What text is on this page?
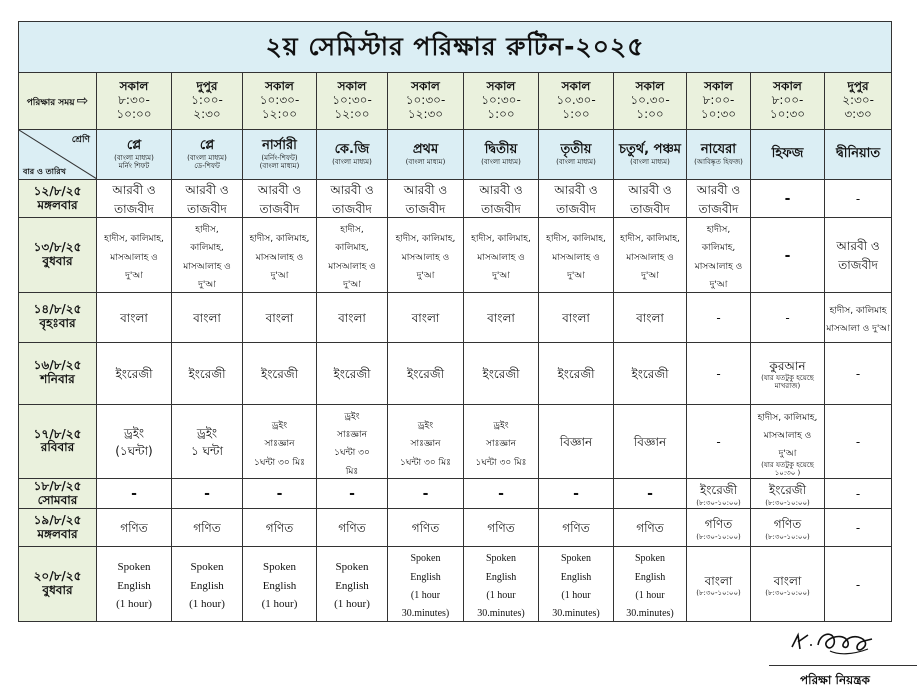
২য় সেমিস্টার পরিক্ষার রুটিন-২০২৫											
পরিক্ষার সময় ⇨	সকাল
৮:৩০-
১০:০০	দুপুর
১:০০-
২:৩০	সকাল
১০:৩০-
১২:০০	সকাল
১০:৩০-
১২:০০	সকাল
১০:৩০-
১২:৩০	সকাল
১০:৩০-
১:০০	সকাল
১০.৩০-
১:০০	সকাল
১০.৩০-
১:০০	সকাল
৮:০০-
১০:৩০	সকাল
৮:০০-
১০:৩০	দুপুর
২:৩০-
৩:৩০

শ্রেণি
বার ও তারিখ	প্লে
(বাংলা মাধ্যম)
মর্নিং শিফট	প্লে
(বাংলা মাধ্যম)
ডে-শিফট	নার্সারী
(মর্নিং-শিফট)
(বাংলা মাধ্যম)	কে.জি
(বাংলা মাধ্যম)	প্রথম
(বাংলা মাধ্যম)	দ্বিতীয়
(বাংলা মাধ্যম)	তৃতীয়
(বাংলা মাধ্যম)	চতুর্থ, পঞ্চম
(বাংলা মাধ্যম)	নাযেরা
(আবিষ্কৃত হিফজ)	হিফজ	দ্বীনিয়াত

১২/৮/২৫
মঙ্গলবার	আরবী ও
তাজবীদ	আরবী ও
তাজবীদ	আরবী ও
তাজবীদ	আরবী ও
তাজবীদ	আরবী ও
তাজবীদ	আরবী ও
তাজবীদ	আরবী ও
তাজবীদ	আরবী ও
তাজবীদ	আরবী ও
তাজবীদ	-	-

১৩/৮/২৫
বুধবার	হাদীস, কালিমাহ,
মাসআলাহ ও
দু'আ	হাদীস,
কালিমাহ,
মাসআলাহ ও
দু'আ	হাদীস, কালিমাহ,
মাসআলাহ ও
দু'আ	হাদীস,
কালিমাহ,
মাসআলাহ ও
দু'আ	হাদীস, কালিমাহ,
মাসআলাহ ও
দু'আ	হাদীস, কালিমাহ,
মাসআলাহ ও
দু'আ	হাদীস, কালিমাহ,
মাসআলাহ ও
দু'আ	হাদীস, কালিমাহ,
মাসআলাহ ও
দু'আ	হাদীস,
কালিমাহ,
মাসআলাহ ও
দু'আ	-	আরবী ও
তাজবীদ

১৪/৮/২৫
বৃহঃবার	বাংলা	বাংলা	বাংলা	বাংলা	বাংলা	বাংলা	বাংলা	বাংলা	-	-	হাদীস, কালিমাহ
মাসআলা ও দু'আ

১৬/৮/২৫
শনিবার	ইংরেজী	ইংরেজী	ইংরেজী	ইংরেজী	ইংরেজী	ইংরেজী	ইংরেজী	ইংরেজী	-	কুরআন
(যার যতটুকু হয়েছে মাখরাজ)	-

১৭/৮/২৫
রবিবার	ড্রইং
(১ঘন্টা)	ড্রইং
১ ঘন্টা	ড্রইং
সাঃজ্ঞান
১ঘন্টা ৩০ মিঃ	ড্রইং
সাঃজ্ঞান
১ঘন্টা ৩০
মিঃ	ড্রইং
সাঃজ্ঞান
১ঘন্টা ৩০ মিঃ	ড্রইং
সাঃজ্ঞান
১ঘন্টা ৩০ মিঃ	বিজ্ঞান	বিজ্ঞান	-	হাদীস, কালিমাহ,
মাসআলাহ ও
দু'আ
(যার যতটুকু হয়েছে
১০:৩০ )	-

১৮/৮/২৫
সোমবার	-	-	-	-	-	-	-	-	ইংরেজী
(৮:৩০-১০:০০)	ইংরেজী
(৮:৩০-১০:০০)	-

১৯/৮/২৫
মঙ্গলবার	গণিত	গণিত	গণিত	গণিত	গণিত	গণিত	গণিত	গণিত	গণিত
(৮:৩০-১০:০০)	গণিত
(৮:৩০-১০:০০)	-

২০/৮/২৫
বুধবার	Spoken
English
(1 hour)	Spoken
English
(1 hour)	Spoken
English
(1 hour)	Spoken
English
(1 hour)	Spoken
English
(1 hour
30.minutes)	Spoken
English
(1 hour
30.minutes)	Spoken
English
(1 hour
30.minutes)	Spoken
English
(1 hour
30.minutes)	বাংলা
(৮:৩০-১০:০০)	বাংলা
(৮:৩০-১০:০০)	-
পরিক্ষা নিয়ন্ত্রক
